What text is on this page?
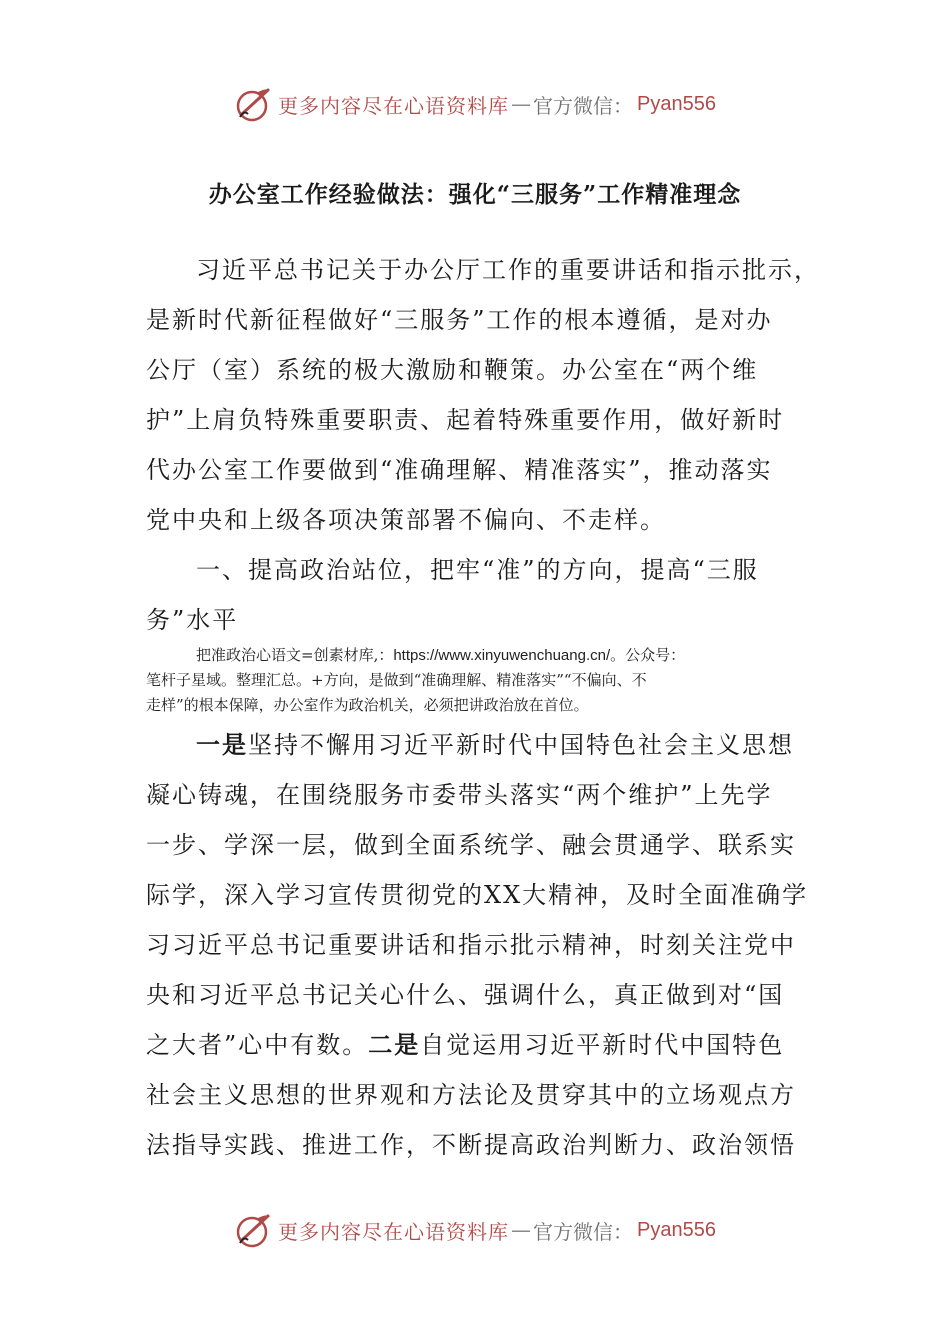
更多内容尽在心语资料库 — 官方微信： Pyan556
办公室工作经验做法：强化“三服务”工作精准理念
习近平总书记关于办公厅工作的重要讲话和指示批示，
是新时代新征程做好“三服务”工作的根本遵循，是对办
公厅（室）系统的极大激励和鞭策。办公室在“两个维
护”上肩负特殊重要职责、起着特殊重要作用，做好新时
代办公室工作要做到“准确理解、精准落实”，推动落实
党中央和上级各项决策部署不偏向、不走样。
一、提高政治站位，把牢“准”的方向，提高“三服
务”水平
把准政治心语文=创素材库,：https://www.xinyuwenchuang.cn/。公众号：
笔杆子星域。整理汇总。+方向，是做到“准确理解、精准落实”“不偏向、不
走样”的根本保障，办公室作为政治机关，必须把讲政治放在首位。
一是坚持不懈用习近平新时代中国特色社会主义思想
凝心铸魂，在围绕服务市委带头落实“两个维护”上先学
一步、学深一层，做到全面系统学、融会贯通学、联系实
际学，深入学习宣传贯彻党的XX大精神，及时全面准确学
习习近平总书记重要讲话和指示批示精神，时刻关注党中
央和习近平总书记关心什么、强调什么，真正做到对“国
之大者”心中有数。二是自觉运用习近平新时代中国特色
社会主义思想的世界观和方法论及贯穿其中的立场观点方
法指导实践、推进工作，不断提高政治判断力、政治领悟
更多内容尽在心语资料库 — 官方微信： Pyan556
